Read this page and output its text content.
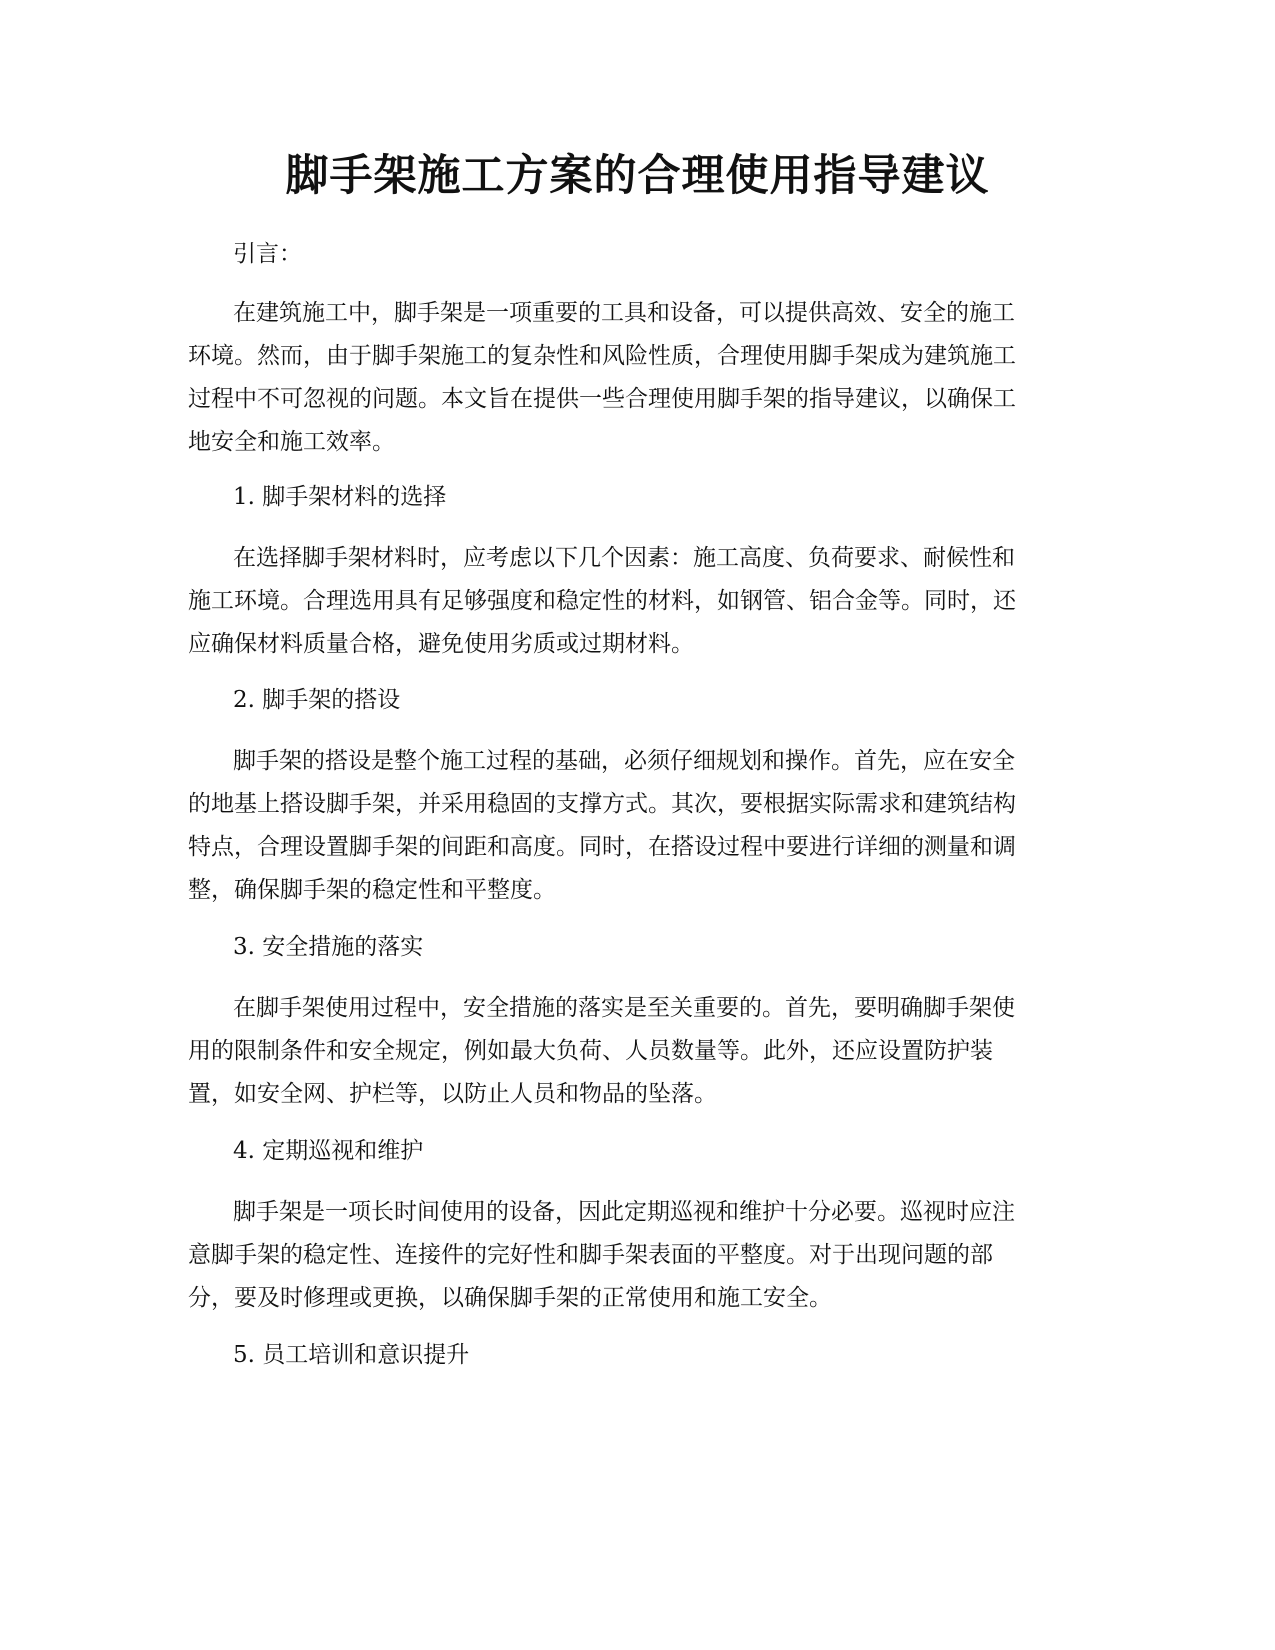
脚手架施工方案的合理使用指导建议

引言：

在建筑施工中，脚手架是一项重要的工具和设备，可以提供高效、安全的施工
环境。然而，由于脚手架施工的复杂性和风险性质，合理使用脚手架成为建筑施工
过程中不可忽视的问题。本文旨在提供一些合理使用脚手架的指导建议，以确保工
地安全和施工效率。

1. 脚手架材料的选择

在选择脚手架材料时，应考虑以下几个因素：施工高度、负荷要求、耐候性和
施工环境。合理选用具有足够强度和稳定性的材料，如钢管、铝合金等。同时，还
应确保材料质量合格，避免使用劣质或过期材料。

2. 脚手架的搭设

脚手架的搭设是整个施工过程的基础，必须仔细规划和操作。首先，应在安全
的地基上搭设脚手架，并采用稳固的支撑方式。其次，要根据实际需求和建筑结构
特点，合理设置脚手架的间距和高度。同时，在搭设过程中要进行详细的测量和调
整，确保脚手架的稳定性和平整度。

3. 安全措施的落实

在脚手架使用过程中，安全措施的落实是至关重要的。首先，要明确脚手架使
用的限制条件和安全规定，例如最大负荷、人员数量等。此外，还应设置防护装
置，如安全网、护栏等，以防止人员和物品的坠落。

4. 定期巡视和维护

脚手架是一项长时间使用的设备，因此定期巡视和维护十分必要。巡视时应注
意脚手架的稳定性、连接件的完好性和脚手架表面的平整度。对于出现问题的部
分，要及时修理或更换，以确保脚手架的正常使用和施工安全。

5. 员工培训和意识提升
